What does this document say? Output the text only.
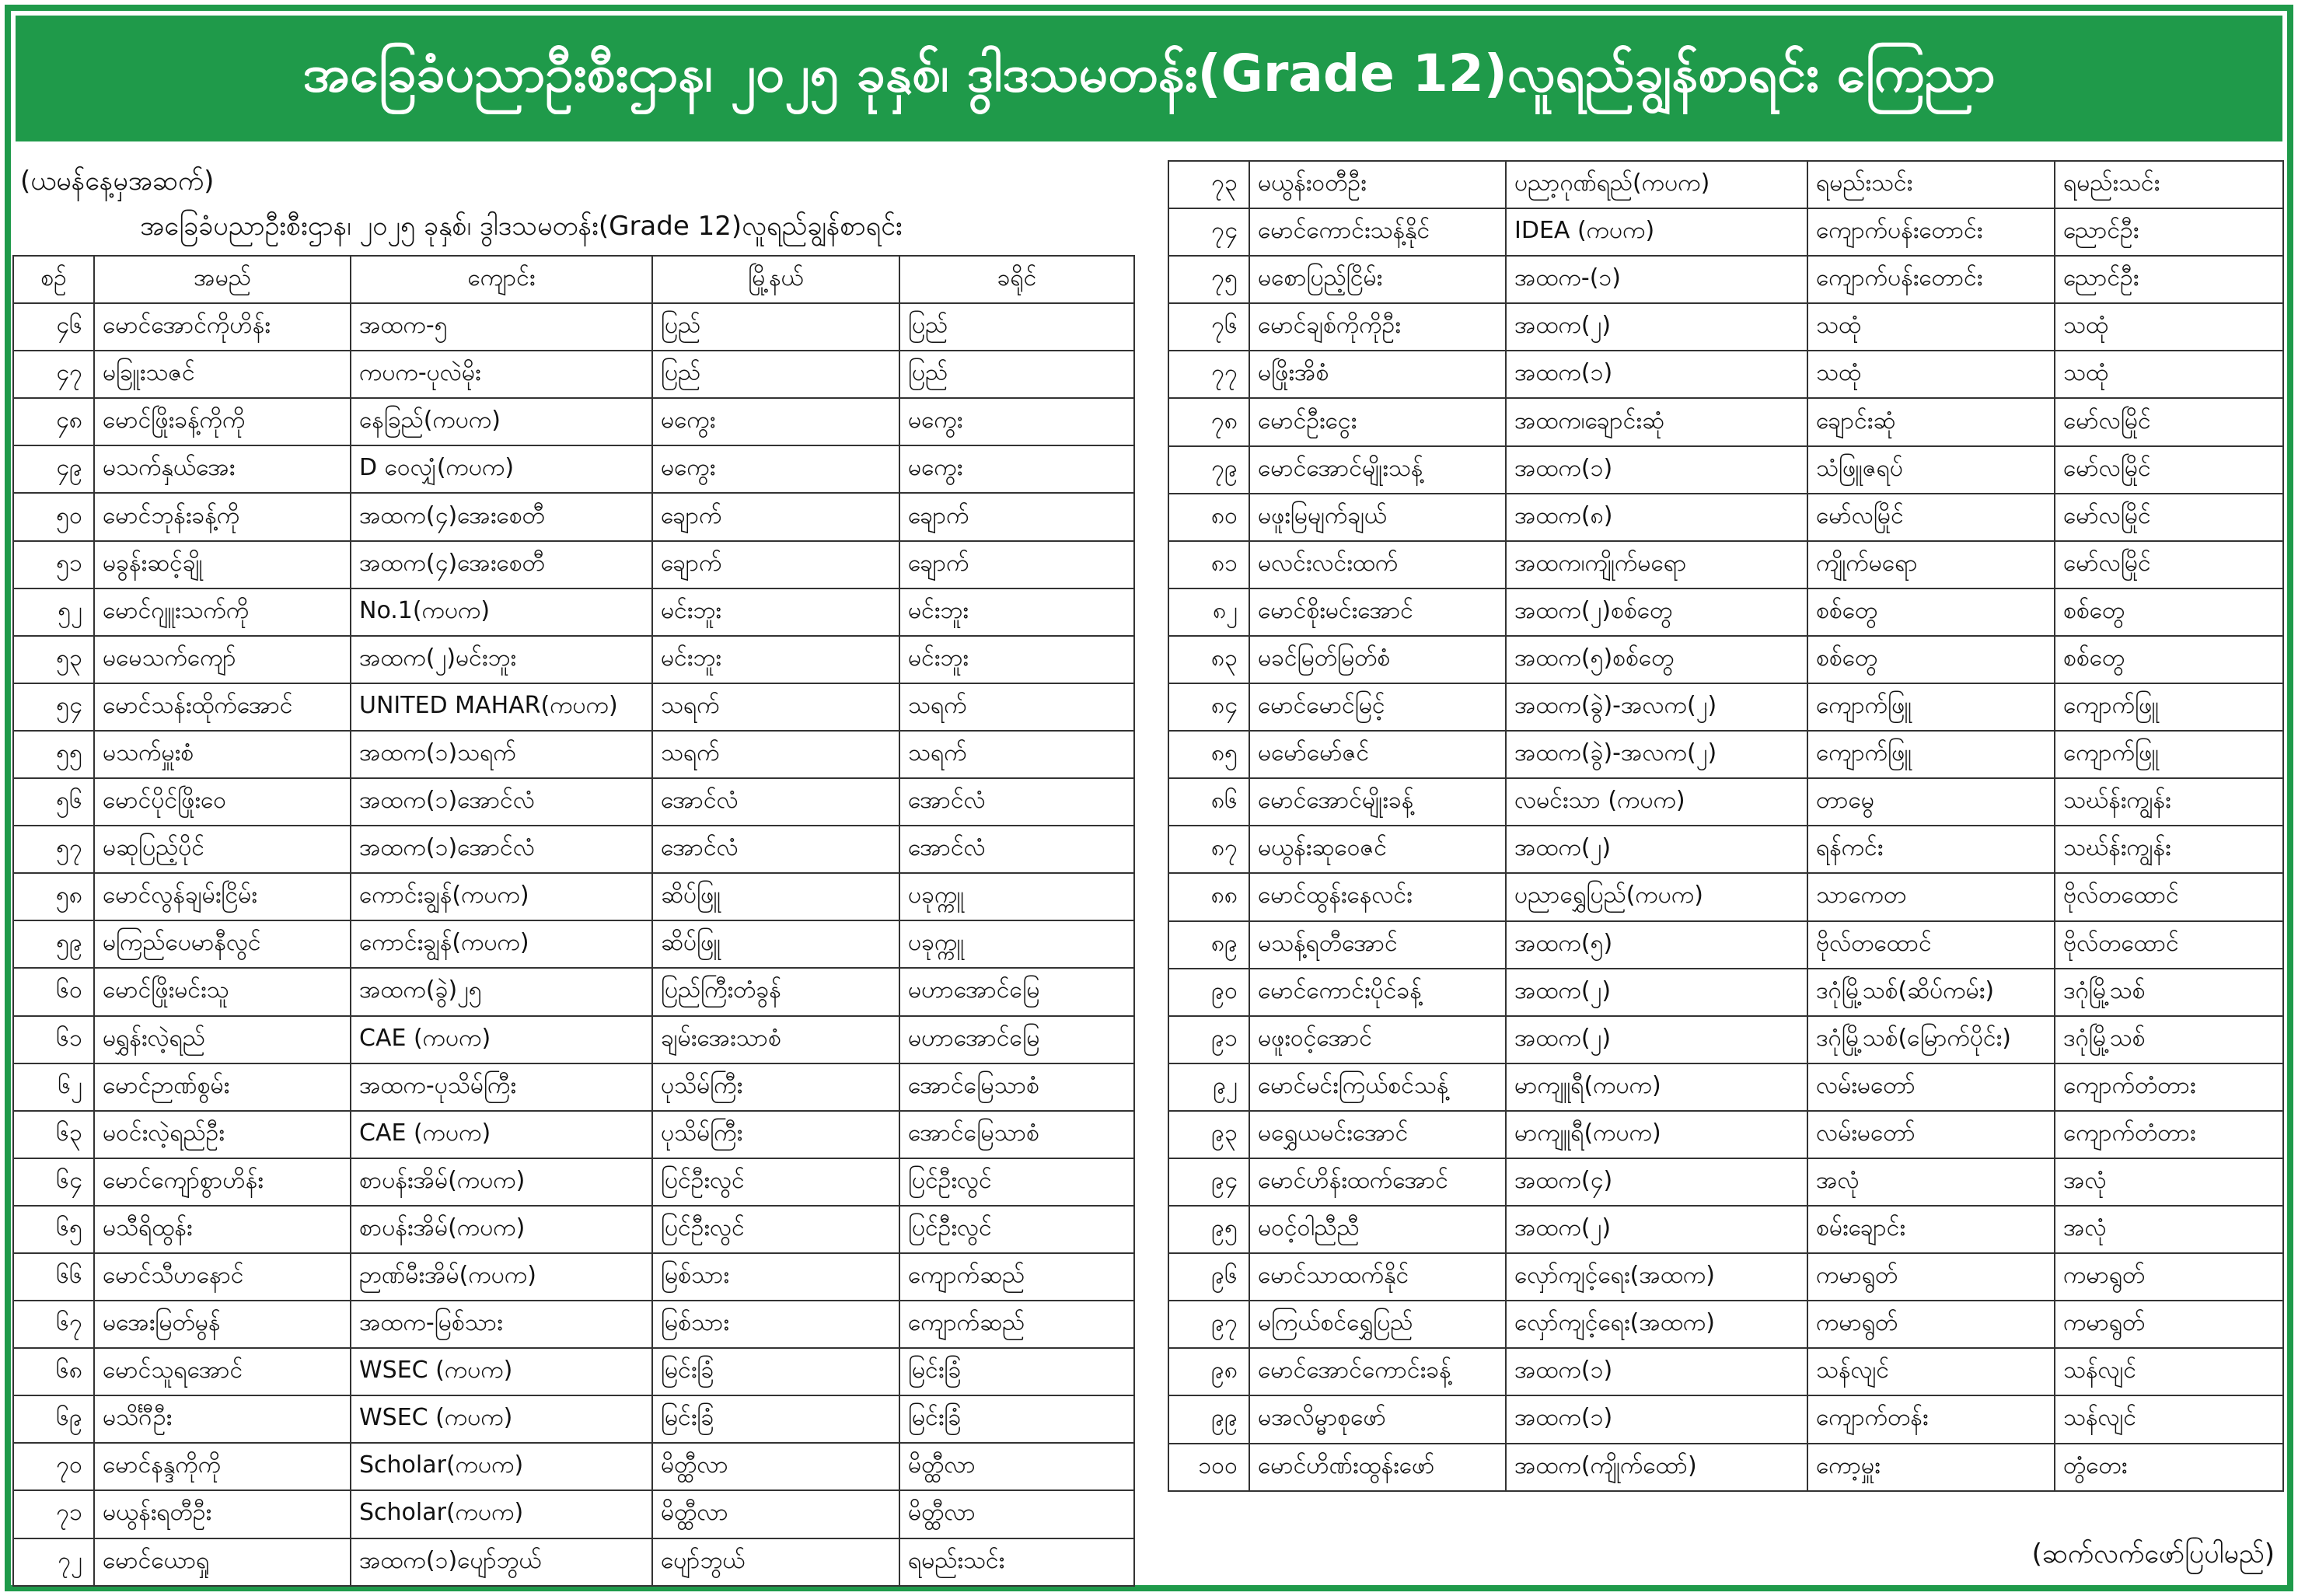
အခြေခံပညာဦးစီးဌာန၊ ၂၀၂၅ ခုနှစ်၊ ဒွါဒသမတန်း(Grade 12)လူရည်ချွန်စာရင်း ကြေညာ
(ယမန်နေ့မှအဆက်)
အခြေခံပညာဦးစီးဌာန၊ ၂၀၂၅ ခုနှစ်၊ ဒွါဒသမတန်း(Grade 12)လူရည်ချွန်စာရင်း
စဉ်	အမည်	ကျောင်း	မြို့နယ်	ခရိုင်
၄၆	မောင်အောင်ကိုဟိန်း	အထက-၅	ပြည်	ပြည်
၄၇	မခြူးသဇင်	ကပက-ပုလဲမိုး	ပြည်	ပြည်
၄၈	မောင်ဖြိုးခန့်ကိုကို	နေခြည်(ကပက)	မကွေး	မကွေး
၄၉	မသက်နှယ်အေး	D ဝေလျှံ(ကပက)	မကွေး	မကွေး
၅၀	မောင်ဘုန်းခန့်ကို	အထက(၄)အေးစေတီ	ချောက်	ချောက်
၅၁	မခွန်းဆင့်ချို	အထက(၄)အေးစေတီ	ချောက်	ချောက်
၅၂	မောင်ဂျူးသက်ကို	No.1(ကပက)	မင်းဘူး	မင်းဘူး
၅၃	မမေသက်ကျော်	အထက(၂)မင်းဘူး	မင်းဘူး	မင်းဘူး
၅၄	မောင်သန်းထိုက်အောင်	UNITED MAHAR(ကပက)	သရက်	သရက်
၅၅	မသက်မှူးစံ	အထက(၁)သရက်	သရက်	သရက်
၅၆	မောင်ပိုင်ဖြိုးဝေ	အထက(၁)အောင်လံ	အောင်လံ	အောင်လံ
၅၇	မဆုပြည့်ပိုင်	အထက(၁)အောင်လံ	အောင်လံ	အောင်လံ
၅၈	မောင်လွန်ချမ်းငြိမ်း	ကောင်းချွန်(ကပက)	ဆိပ်ဖြူ	ပခုက္ကူ
၅၉	မကြည်ပေမာနီလွင်	ကောင်းချွန်(ကပက)	ဆိပ်ဖြူ	ပခုက္ကူ
၆၀	မောင်ဖြိုးမင်းသူ	အထက(ခွဲ)၂၅	ပြည်ကြီးတံခွန်	မဟာအောင်မြေ
၆၁	မရွှန်းလဲ့ရည်	CAE (ကပက)	ချမ်းအေးသာစံ	မဟာအောင်မြေ
၆၂	မောင်ဉာဏ်စွမ်း	အထက-ပုသိမ်ကြီး	ပုသိမ်ကြီး	အောင်မြေသာစံ
၆၃	မဝင်းလဲ့ရည်ဦး	CAE (ကပက)	ပုသိမ်ကြီး	အောင်မြေသာစံ
၆၄	မောင်ကျော်စွာဟိန်း	စာပန်းအိမ်(ကပက)	ပြင်ဦးလွင်	ပြင်ဦးလွင်
၆၅	မသီရိထွန်း	စာပန်းအိမ်(ကပက)	ပြင်ဦးလွင်	ပြင်ဦးလွင်
၆၆	မောင်သီဟနောင်	ဉာဏ်မီးအိမ်(ကပက)	မြစ်သား	ကျောက်ဆည်
၆၇	မအေးမြတ်မွန်	အထက-မြစ်သား	မြစ်သား	ကျောက်ဆည်
၆၈	မောင်သူရအောင်	WSEC (ကပက)	မြင်းခြံ	မြင်းခြံ
၆၉	မသိင်္ဂီဦး	WSEC (ကပက)	မြင်းခြံ	မြင်းခြံ
၇၀	မောင်နန္ဒကိုကို	Scholar(ကပက)	မိတ္ထီလာ	မိတ္ထီလာ
၇၁	မယွန်းရတီဦး	Scholar(ကပက)	မိတ္ထီလာ	မိတ္ထီလာ
၇၂	မောင်ယောရှု	အထက(၁)ပျော်ဘွယ်	ပျော်ဘွယ်	ရမည်းသင်း
၇၃	မယွန်းဝတီဦး	ပညာ့ဂုဏ်ရည်(ကပက)	ရမည်းသင်း	ရမည်းသင်း
၇၄	မောင်ကောင်းသန့်နိုင်	IDEA (ကပက)	ကျောက်ပန်းတောင်း	ညောင်ဦး
၇၅	မစောပြည့်ငြိမ်း	အထက-(၁)	ကျောက်ပန်းတောင်း	ညောင်ဦး
၇၆	မောင်ချစ်ကိုကိုဦး	အထက(၂)	သထုံ	သထုံ
၇၇	မဖြိုးအိစံ	အထက(၁)	သထုံ	သထုံ
၇၈	မောင်ဦးငွေး	အထက၊ချောင်းဆုံ	ချောင်းဆုံ	မော်လမြိုင်
၇၉	မောင်အောင်မျိုးသန့်	အထက(၁)	သံဖြူဇရပ်	မော်လမြိုင်
၈၀	မဖူးမြမျက်ချယ်	အထက(၈)	မော်လမြိုင်	မော်လမြိုင်
၈၁	မလင်းလင်းထက်	အထက၊ကျိုက်မရော	ကျိုက်မရော	မော်လမြိုင်
၈၂	မောင်စိုးမင်းအောင်	အထက(၂)စစ်တွေ	စစ်တွေ	စစ်တွေ
၈၃	မခင်မြတ်မြတ်စံ	အထက(၅)စစ်တွေ	စစ်တွေ	စစ်တွေ
၈၄	မောင်မောင်မြင့်	အထက(ခွဲ)-အလက(၂)	ကျောက်ဖြူ	ကျောက်ဖြူ
၈၅	မမော်မော်ဇင်	အထက(ခွဲ)-အလက(၂)	ကျောက်ဖြူ	ကျောက်ဖြူ
၈၆	မောင်အောင်မျိုးခန့်	လမင်းသာ (ကပက)	တာမွေ	သဃ်န်းကျွန်း
၈၇	မယွန်းဆုဝေဇင်	အထက(၂)	ရန်ကင်း	သဃ်န်းကျွန်း
၈၈	မောင်ထွန်းနေလင်း	ပညာရွှေပြည်(ကပက)	သာကေတ	ဗိုလ်တထောင်
၈၉	မသန့်ရတီအောင်	အထက(၅)	ဗိုလ်တထောင်	ဗိုလ်တထောင်
၉၀	မောင်ကောင်းပိုင်ခန့်	အထက(၂)	ဒဂုံမြို့သစ်(ဆိပ်ကမ်း)	ဒဂုံမြို့သစ်
၉၁	မဖူးဝင့်အောင်	အထက(၂)	ဒဂုံမြို့သစ်(မြောက်ပိုင်း)	ဒဂုံမြို့သစ်
၉၂	မောင်မင်းကြယ်စင်သန့်	မာကျူရီ(ကပက)	လမ်းမတော်	ကျောက်တံတား
၉၃	မရွှေယမင်းအောင်	မာကျူရီ(ကပက)	လမ်းမတော်	ကျောက်တံတား
၉၄	မောင်ဟိန်းထက်အောင်	အထက(၄)	အလုံ	အလုံ
၉၅	မဝင့်ဝါညီညီ	အထက(၂)	စမ်းချောင်း	အလုံ
၉၆	မောင်သာထက်နိုင်	လှော်ကျင့်ရေး(အထက)	ကမာရွတ်	ကမာရွတ်
၉၇	မကြယ်စင်ရွှေပြည်	လှော်ကျင့်ရေး(အထက)	ကမာရွတ်	ကမာရွတ်
၉၈	မောင်အောင်ကောင်းခန့်	အထက(၁)	သန်လျင်	သန်လျင်
၉၉	မအလိမ္မာစုဖော်	အထက(၁)	ကျောက်တန်း	သန်လျင်
၁၀၀	မောင်ဟိဏ်းထွန်းဖော်	အထက(ကျိုက်ထော်)	ကော့မှူး	တွံတေး
(ဆက်လက်ဖော်ပြပါမည်)
